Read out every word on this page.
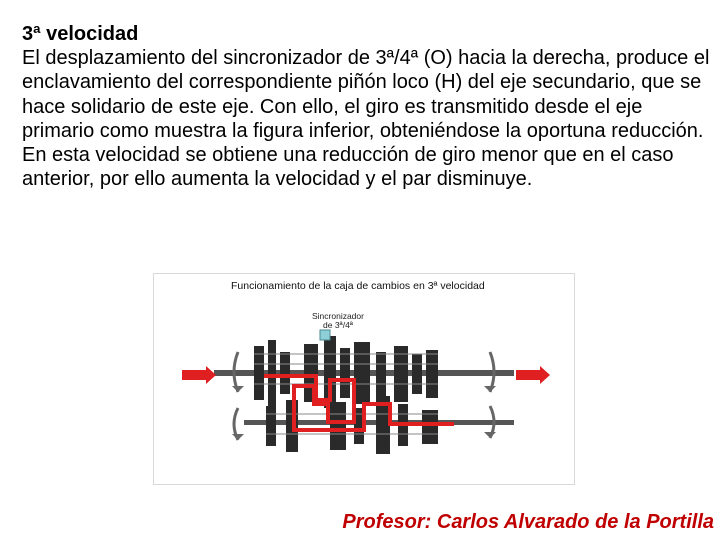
3ª velocidad
El desplazamiento del sincronizador de 3ª/4ª (O) hacia la derecha, produce el enclavamiento del correspondiente piñón loco (H) del eje secundario, que se hace solidario de este eje. Con ello, el giro es transmitido desde el eje primario como muestra la figura inferior, obteniéndose la oportuna reducción. En esta velocidad se obtiene una reducción de giro menor que en el caso anterior, por ello aumenta la velocidad y el par disminuye.
Funcionamiento de la caja de cambios en 3ª velocidad
Sincronizador
de 3ª/4ª
Profesor: Carlos Alvarado de la Portilla
